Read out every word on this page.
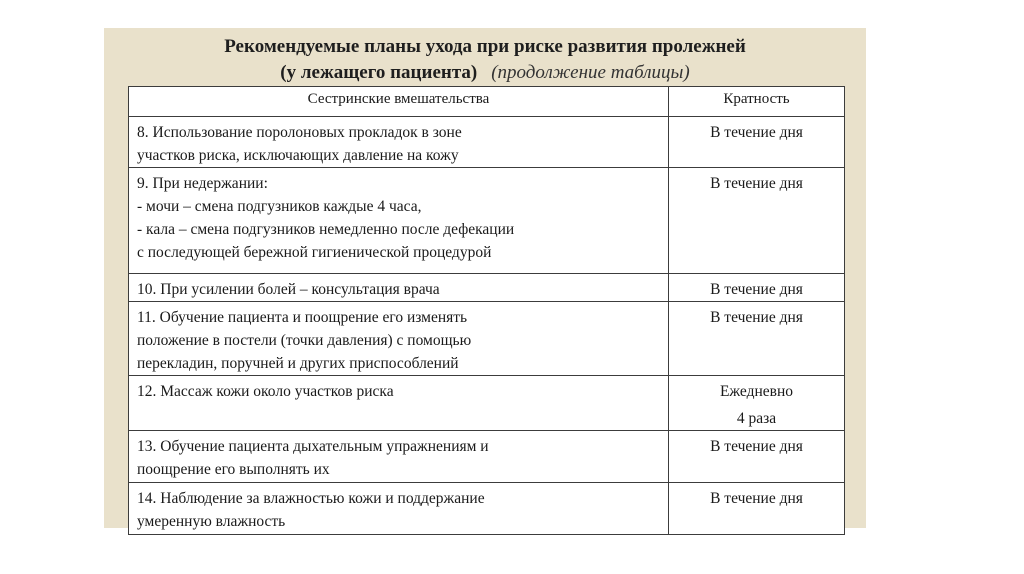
Рекомендуемые планы ухода при риске развития пролежней
(у лежащего пациента) (продолжение таблицы)
Сестринские вмешательства	Кратность

8. Использование поролоновых прокладок в зоне
участков риска, исключающих давление на кожу	В течение дня

9. При недержании:
- мочи – смена подгузников каждые 4 часа,
- кала – смена подгузников немедленно после дефекации
с последующей бережной гигиенической процедурой	В течение дня

10. При усилении болей – консультация врача	В течение дня

11. Обучение пациента и поощрение его изменять
положение в постели (точки давления) с помощью
перекладин, поручней и других приспособлений	В течение дня

12. Массаж кожи около участков риска	Ежедневно
4 раза

13. Обучение пациента дыхательным упражнениям и
поощрение его выполнять их	В течение дня

14. Наблюдение за влажностью кожи и поддержание
умеренную влажность	В течение дня
